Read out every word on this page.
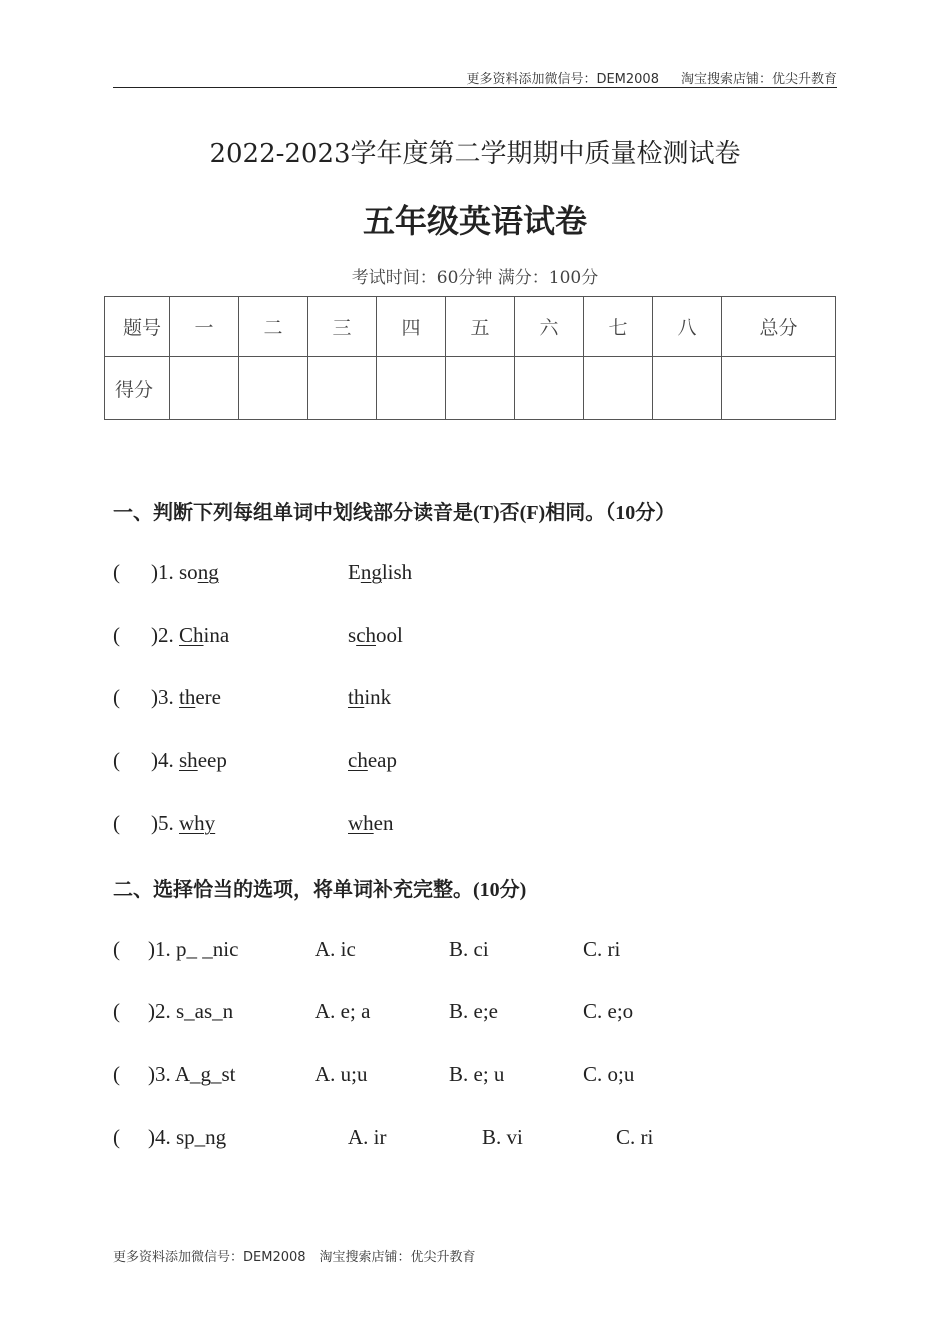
更多资料添加微信号：DEM2008 淘宝搜索店铺：优尖升教育
2022-2023学年度第二学期期中质量检测试卷
五年级英语试卷
考试时间：60分钟 满分：100分
题号	一	二	三	四	五	六	七	八	总分
得分									
一、判断下列每组单词中划线部分读音是(T)否(F)相同。（10分）
( )1. song	English
( )2. China	school
( )3. there	think
( )4. sheep	cheap
( )5. why	when
二、选择恰当的选项，将单词补充完整。(10分)
( )1. p_ _nic	A. ic	B. ci	C. ri
( )2. s_as_n	A. e; a	B. e;e	C. e;o
( )3. A_g_st	A. u;u	B. e; u	C. o;u
( )4. sp_ng	A. ir	B. vi	C. ri
更多资料添加微信号：DEM2008 淘宝搜索店铺：优尖升教育
